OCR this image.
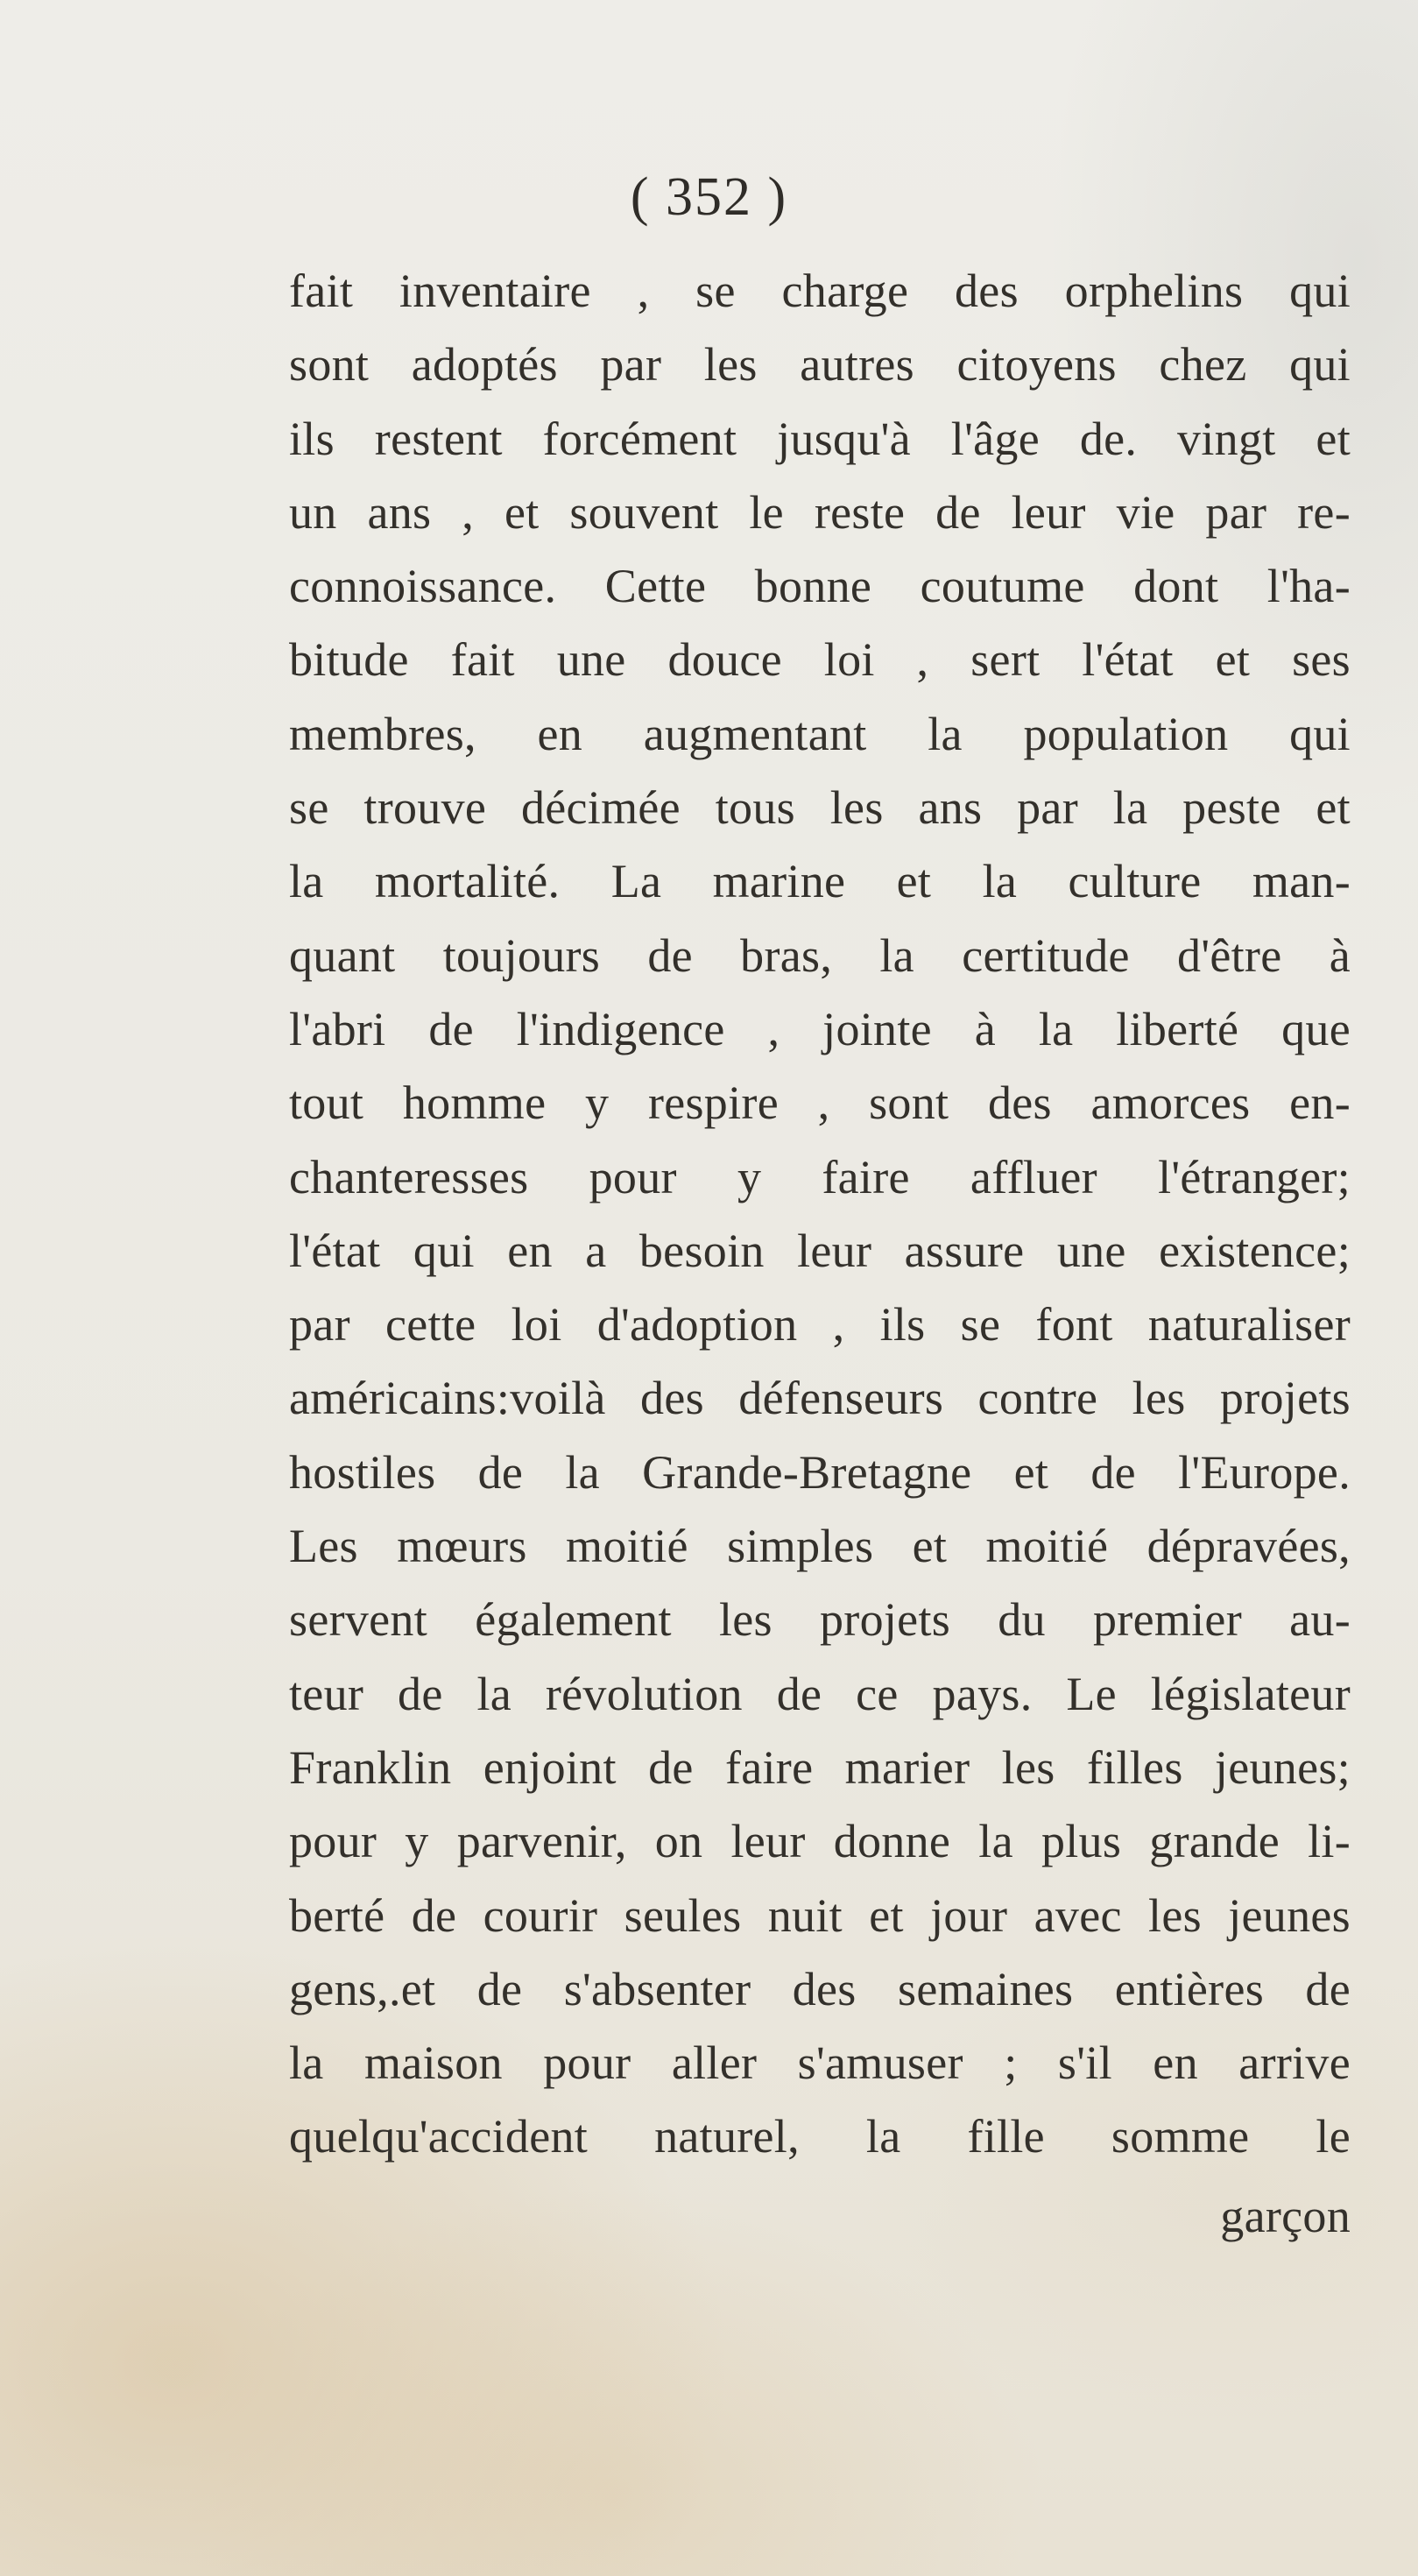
( 352 )
fait inventaire , se charge des orphelins qui
sont adoptés par les autres citoyens chez qui
ils restent forcément jusqu'à l'âge de. vingt et
un ans , et souvent le reste de leur vie par re-
connoissance. Cette bonne coutume dont l'ha-
bitude fait une douce loi , sert l'état et ses
membres, en augmentant la population qui
se trouve décimée tous les ans par la peste et
la mortalité. La marine et la culture man-
quant toujours de bras, la certitude d'être à
l'abri de l'indigence , jointe à la liberté que
tout homme y respire , sont des amorces en-
chanteresses pour y faire affluer l'étranger;
l'état qui en a besoin leur assure une existence;
par cette loi d'adoption , ils se font naturaliser
américains:voilà des défenseurs contre les projets
hostiles de la Grande-Bretagne et de l'Europe.
Les mœurs moitié simples et moitié dépravées,
servent également les projets du premier au-
teur de la révolution de ce pays. Le législateur
Franklin enjoint de faire marier les filles jeunes;
pour y parvenir, on leur donne la plus grande li-
berté de courir seules nuit et jour avec les jeunes
gens,.et de s'absenter des semaines entières de
la maison pour aller s'amuser ; s'il en arrive
quelqu'accident naturel, la fille somme le
garçon
